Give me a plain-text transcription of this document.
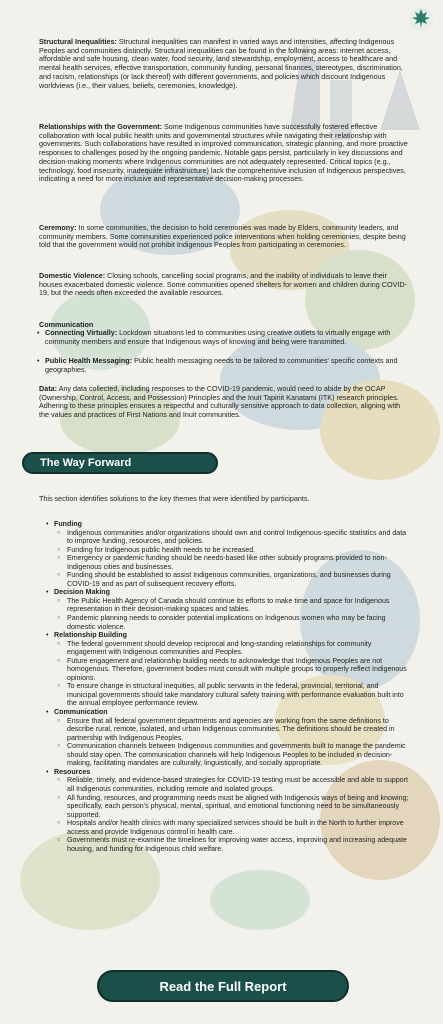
Structural Inequalities: Structural inequalities can manifest in varied ways and intensities, affecting Indigenous Peoples and communities distinctly. Structural inequalities can be found in the following areas: internet access, affordable and safe housing, clean water, food security, land stewardship, employment, access to healthcare and mental health services, effective transportation, community funding, personal finances, stereotypes, discrimination, and racism, relationships (or lack thereof) with different governments, and policies which discount Indigenous worldviews (i.e., their values, beliefs, ceremonies, knowledge).

Relationships with the Government: Some Indigenous communities have successfully fostered effective collaboration with local public health units and governmental structures while navigating their relationship with governments. Such collaborations have resulted in improved communication, strategic planning, and more proactive responses to challenges posed by the ongoing pandemic. Notable gaps persist, particularly in key discussions and decision-making moments where Indigenous communities are not adequately represented. Critical topics (e.g., technology, food insecurity, inadequate infrastructure) lack the comprehensive inclusion of Indigenous perspectives, indicating a need for more inclusive and representative decision-making processes.

Ceremony: In some communities, the decision to hold ceremonies was made by Elders, community leaders, and community members. Some communities experienced police interventions when holding ceremonies, despite being told that the government would not prohibit Indigenous Peoples from participating in ceremonies.

Domestic Violence: Closing schools, cancelling social programs, and the inability of individuals to leave their houses exacerbated domestic violence. Some communities opened shelters for women and children during COVID-19, but the needs often exceeded the available resources.

Communication

• Connecting Virtually: Lockdown situations led to communities using creative outlets to virtually engage with community members and ensure that Indigenous ways of knowing and being were transmitted.

• Public Health Messaging: Public health messaging needs to be tailored to communities' specific contexts and geographies.

Data: Any data collected, including responses to the COVID-19 pandemic, would need to abide by the OCAP (Ownership, Control, Access, and Possession) Principles and the Inuit Tapiriit Kanatami (ITK) research principles. Adhering to these principles ensures a respectful and culturally sensitive approach to data collection, aligning with the values and practices of First Nations and Inuit communities.

The Way Forward
This section identifies solutions to the key themes that were identified by participants.
• Funding
○ Indigenous communities and/or organizations should own and control Indigenous-specific statistics and data to improve funding, resources, and policies.
○ Funding for Indigenous public health needs to be increased.
○ Emergency or pandemic funding should be needs-based like other subsidy programs provided to non-Indigenous cities and businesses.
○ Funding should be established to assist Indigenous communities, organizations, and businesses during COVID-19 and as part of subsequent recovery efforts.
• Decision Making
○ The Public Health Agency of Canada should continue its efforts to make time and space for Indigenous representation in their decision-making spaces and tables.
○ Pandemic planning needs to consider potential implications on Indigenous women who may be facing domestic violence.
• Relationship Building
○ The federal government should develop reciprocal and long-standing relationships for community engagement with Indigenous communities and Peoples.
○ Future engagement and relationship building needs to acknowledge that Indigenous Peoples are not homogenous. Therefore, government bodies must consult with multiple groups to properly reflect Indigenous opinions.
○ To ensure change in structural inequities, all public servants in the federal, provincial, territorial, and municipal governments should take mandatory cultural safety training with performance evaluation built into the annual employee performance review.
• Communication
○ Ensure that all federal government departments and agencies are working from the same definitions to describe rural, remote, isolated, and urban Indigenous communities. The definitions should be created in partnership with Indigenous Peoples.
○ Communication channels between Indigenous communities and governments built to manage the pandemic should stay open. The communication channels will help Indigenous Peoples to be included in decision-making, facilitating mandates are culturally, linguistically, and socially appropriate.
• Resources
○ Reliable, timely, and evidence-based strategies for COVID-19 testing must be accessible and able to support all Indigenous communities, including remote and isolated groups.
○ All funding, resources, and programming needs must be aligned with Indigenous ways of being and knowing; specifically, each person's physical, mental, spiritual, and emotional functioning need to be simultaneously supported.
○ Hospitals and/or health clinics with many specialized services should be built in the North to further improve access and provide Indigenous control in health care.
○ Governments must re-examine the timelines for improving water access, improving and increasing adequate housing, and funding for Indigenous child welfare.
Read the Full Report
